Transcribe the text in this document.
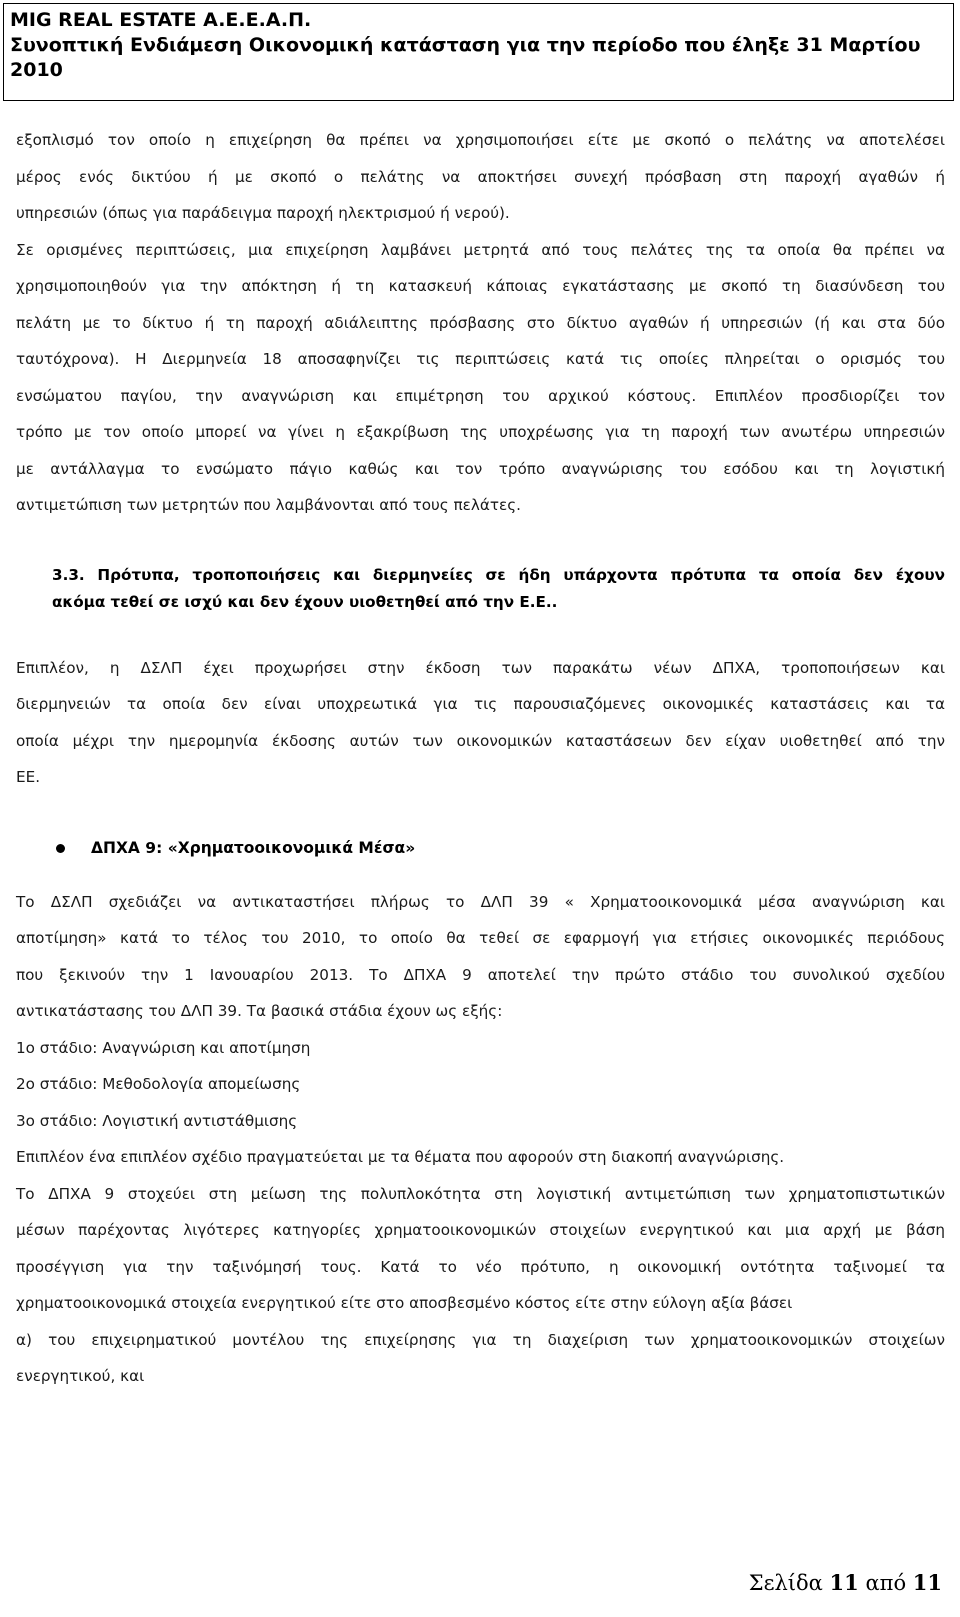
MIG REAL ESTATE A.E.E.A.Π.
Συνοπτική Ενδιάμεση Οικονομική κατάσταση για την περίοδο που έληξε 31 Μαρτίου
2010
εξοπλισμό τον οποίο η επιχείρηση θα πρέπει να χρησιμοποιήσει είτε με σκοπό ο πελάτης να αποτελέσει
μέρος ενός δικτύου ή με σκοπό ο πελάτης να αποκτήσει συνεχή πρόσβαση στη παροχή αγαθών ή
υπηρεσιών (όπως για παράδειγμα παροχή ηλεκτρισμού ή νερού).
Σε ορισμένες περιπτώσεις, μια επιχείρηση λαμβάνει μετρητά από τους πελάτες της τα οποία θα πρέπει να
χρησιμοποιηθούν για την απόκτηση ή τη κατασκευή κάποιας εγκατάστασης με σκοπό τη διασύνδεση του
πελάτη με το δίκτυο ή τη παροχή αδιάλειπτης πρόσβασης στο δίκτυο αγαθών ή υπηρεσιών (ή και στα δύο
ταυτόχρονα). Η Διερμηνεία 18 αποσαφηνίζει τις περιπτώσεις κατά τις οποίες πληρείται ο ορισμός του
ενσώματου παγίου, την αναγνώριση και επιμέτρηση του αρχικού κόστους. Επιπλέον προσδιορίζει τον
τρόπο με τον οποίο μπορεί να γίνει η εξακρίβωση της υποχρέωσης για τη παροχή των ανωτέρω υπηρεσιών
με αντάλλαγμα το ενσώματο πάγιο καθώς και τον τρόπο αναγνώρισης του εσόδου και τη λογιστική
αντιμετώπιση των μετρητών που λαμβάνονται από τους πελάτες.
3.3. Πρότυπα, τροποποιήσεις και διερμηνείες σε ήδη υπάρχοντα πρότυπα τα οποία δεν έχουν
ακόμα τεθεί σε ισχύ και δεν έχουν υιοθετηθεί από την Ε.Ε..
Επιπλέον, η ΔΣΛΠ έχει προχωρήσει στην έκδοση των παρακάτω νέων ΔΠΧΑ, τροποποιήσεων και
διερμηνειών τα οποία δεν είναι υποχρεωτικά για τις παρουσιαζόμενες οικονομικές καταστάσεις και τα
οποία μέχρι την ημερομηνία έκδοσης αυτών των οικονομικών καταστάσεων δεν είχαν υιοθετηθεί από την
ΕΕ.
ΔΠΧΑ 9: «Χρηματοοικονομικά Μέσα»
Το ΔΣΛΠ σχεδιάζει να αντικαταστήσει πλήρως το ΔΛΠ 39 « Χρηματοοικονομικά μέσα αναγνώριση και
αποτίμηση» κατά το τέλος του 2010, το οποίο θα τεθεί σε εφαρμογή για ετήσιες οικονομικές περιόδους
που ξεκινούν την 1 Ιανουαρίου 2013. Το ΔΠΧΑ 9 αποτελεί την πρώτο στάδιο του συνολικού σχεδίου
αντικατάστασης του ΔΛΠ 39. Τα βασικά στάδια έχουν ως εξής:
1ο στάδιο: Αναγνώριση και αποτίμηση
2ο στάδιο: Μεθοδολογία απομείωσης
3ο στάδιο: Λογιστική αντιστάθμισης
Επιπλέον ένα επιπλέον σχέδιο πραγματεύεται με τα θέματα που αφορούν στη διακοπή αναγνώρισης.
Το ΔΠΧΑ 9 στοχεύει στη μείωση της πολυπλοκότητα στη λογιστική αντιμετώπιση των χρηματοπιστωτικών
μέσων παρέχοντας λιγότερες κατηγορίες χρηματοοικονομικών στοιχείων ενεργητικού και μια αρχή με βάση
προσέγγιση για την ταξινόμησή τους. Κατά το νέο πρότυπο, η οικονομική οντότητα ταξινομεί τα
χρηματοοικονομικά στοιχεία ενεργητικού είτε στο αποσβεσμένο κόστος είτε στην εύλογη αξία βάσει
α) του επιχειρηματικού μοντέλου της επιχείρησης για τη διαχείριση των χρηματοοικονομικών στοιχείων
ενεργητικού, και
Σελίδα 11 από 11
